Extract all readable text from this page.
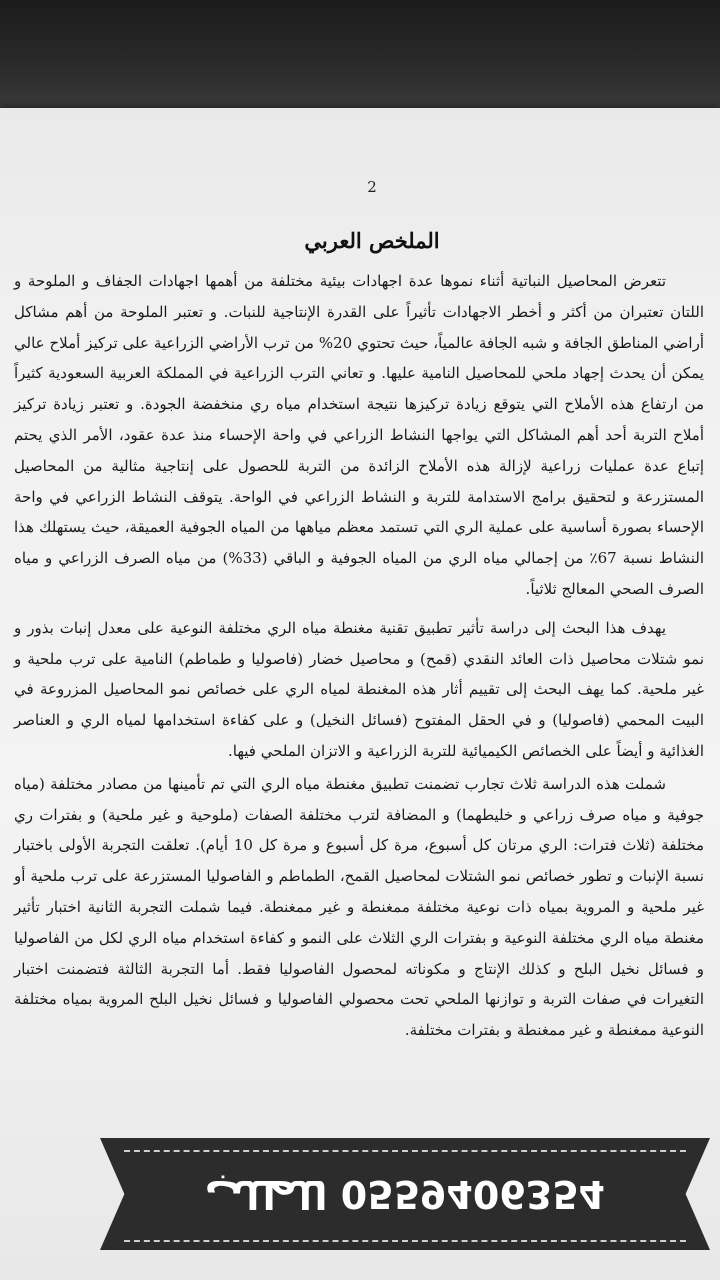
2
الملخص العربي

تتعرض المحاصيل النباتية أثناء نموها عدة اجهادات بيئية مختلفة من أهمها اجهادات الجفاف و الملوحة و اللتان تعتبران من أكثر و أخطر الاجهادات تأثيراً على القدرة الإنتاجية للنبات. و تعتبر الملوحة من أهم مشاكل أراضي المناطق الجافة و شبه الجافة عالمياً، حيث تحتوي 20% من ترب الأراضي الزراعية على تركيز أملاح عالي يمكن أن يحدث إجهاد ملحي للمحاصيل النامية عليها. و تعاني الترب الزراعية في المملكة العربية السعودية كثيراً من ارتفاع هذه الأملاح التي يتوقع زيادة تركيزها نتيجة استخدام مياه ري منخفضة الجودة. و تعتبر زيادة تركيز أملاح التربة أحد أهم المشاكل التي يواجها النشاط الزراعي في واحة الإحساء منذ عدة عقود، الأمر الذي يحتم إتباع عدة عمليات زراعية لإزالة هذه الأملاح الزائدة من التربة للحصول على إنتاجية مثالية من المحاصيل المستزرعة و لتحقيق برامج الاستدامة للتربة و النشاط الزراعي في الواحة. يتوقف النشاط الزراعي في واحة الإحساء بصورة أساسية على عملية الري التي تستمد معظم مياهها من المياه الجوفية العميقة، حيث يستهلك هذا النشاط نسبة 67٪ من إجمالي مياه الري من المياه الجوفية و الباقي (33%) من مياه الصرف الزراعي و مياه الصرف الصحي المعالج ثلاثياً.

يهدف هذا البحث إلى دراسة تأثير تطبيق تقنية مغنطة مياه الري مختلفة النوعية على معدل إنبات بذور و نمو شتلات محاصيل ذات العائد النقدي (قمح) و محاصيل خضار (فاصوليا و طماطم) النامية على ترب ملحية و غير ملحية. كما يهف البحث إلى تقييم أثار هذه المغنطة لمياه الري على خصائص نمو المحاصيل المزروعة في البيت المحمي (فاصوليا) و في الحقل المفتوح (فسائل النخيل) و على كفاءة استخدامها لمياه الري و العناصر الغذائية و أيضاً على الخصائص الكيميائية للتربة الزراعية و الاتزان الملحي فيها.

شملت هذه الدراسة ثلاث تجارب تضمنت تطبيق مغنطة مياه الري التي تم تأمينها من مصادر مختلفة (مياه جوفية و مياه صرف زراعي و خليطهما) و المضافة لترب مختلفة الصفات (ملوحية و غير ملحية) و بفترات ري مختلفة (ثلاث فترات: الري مرتان كل أسبوع، مرة كل أسبوع و مرة كل 10 أيام). تعلقت التجربة الأولى باختبار نسبة الإنبات و تطور خصائص نمو الشتلات لمحاصيل القمح، الطماطم و الفاصوليا المستزرعة على ترب ملحية أو غير ملحية و المروية بمياه ذات نوعية مختلفة ممغنطة و غير ممغنطة. فيما شملت التجربة الثانية اختبار تأثير مغنطة مياه الري مختلفة النوعية و بفترات الري الثلاث على النمو و كفاءة استخدام مياه الري لكل من الفاصوليا و فسائل نخيل البلح و كذلك الإنتاج و مكوناته لمحصول الفاصوليا فقط. أما التجربة الثالثة فتضمنت اختبار التغيرات في صفات التربة و توازنها الملحي تحت محصولي الفاصوليا و فسائل نخيل البلح المروية بمياه مختلفة النوعية ممغنطة و غير ممغنطة و بفترات مختلفة.

0559406354 للطلب
